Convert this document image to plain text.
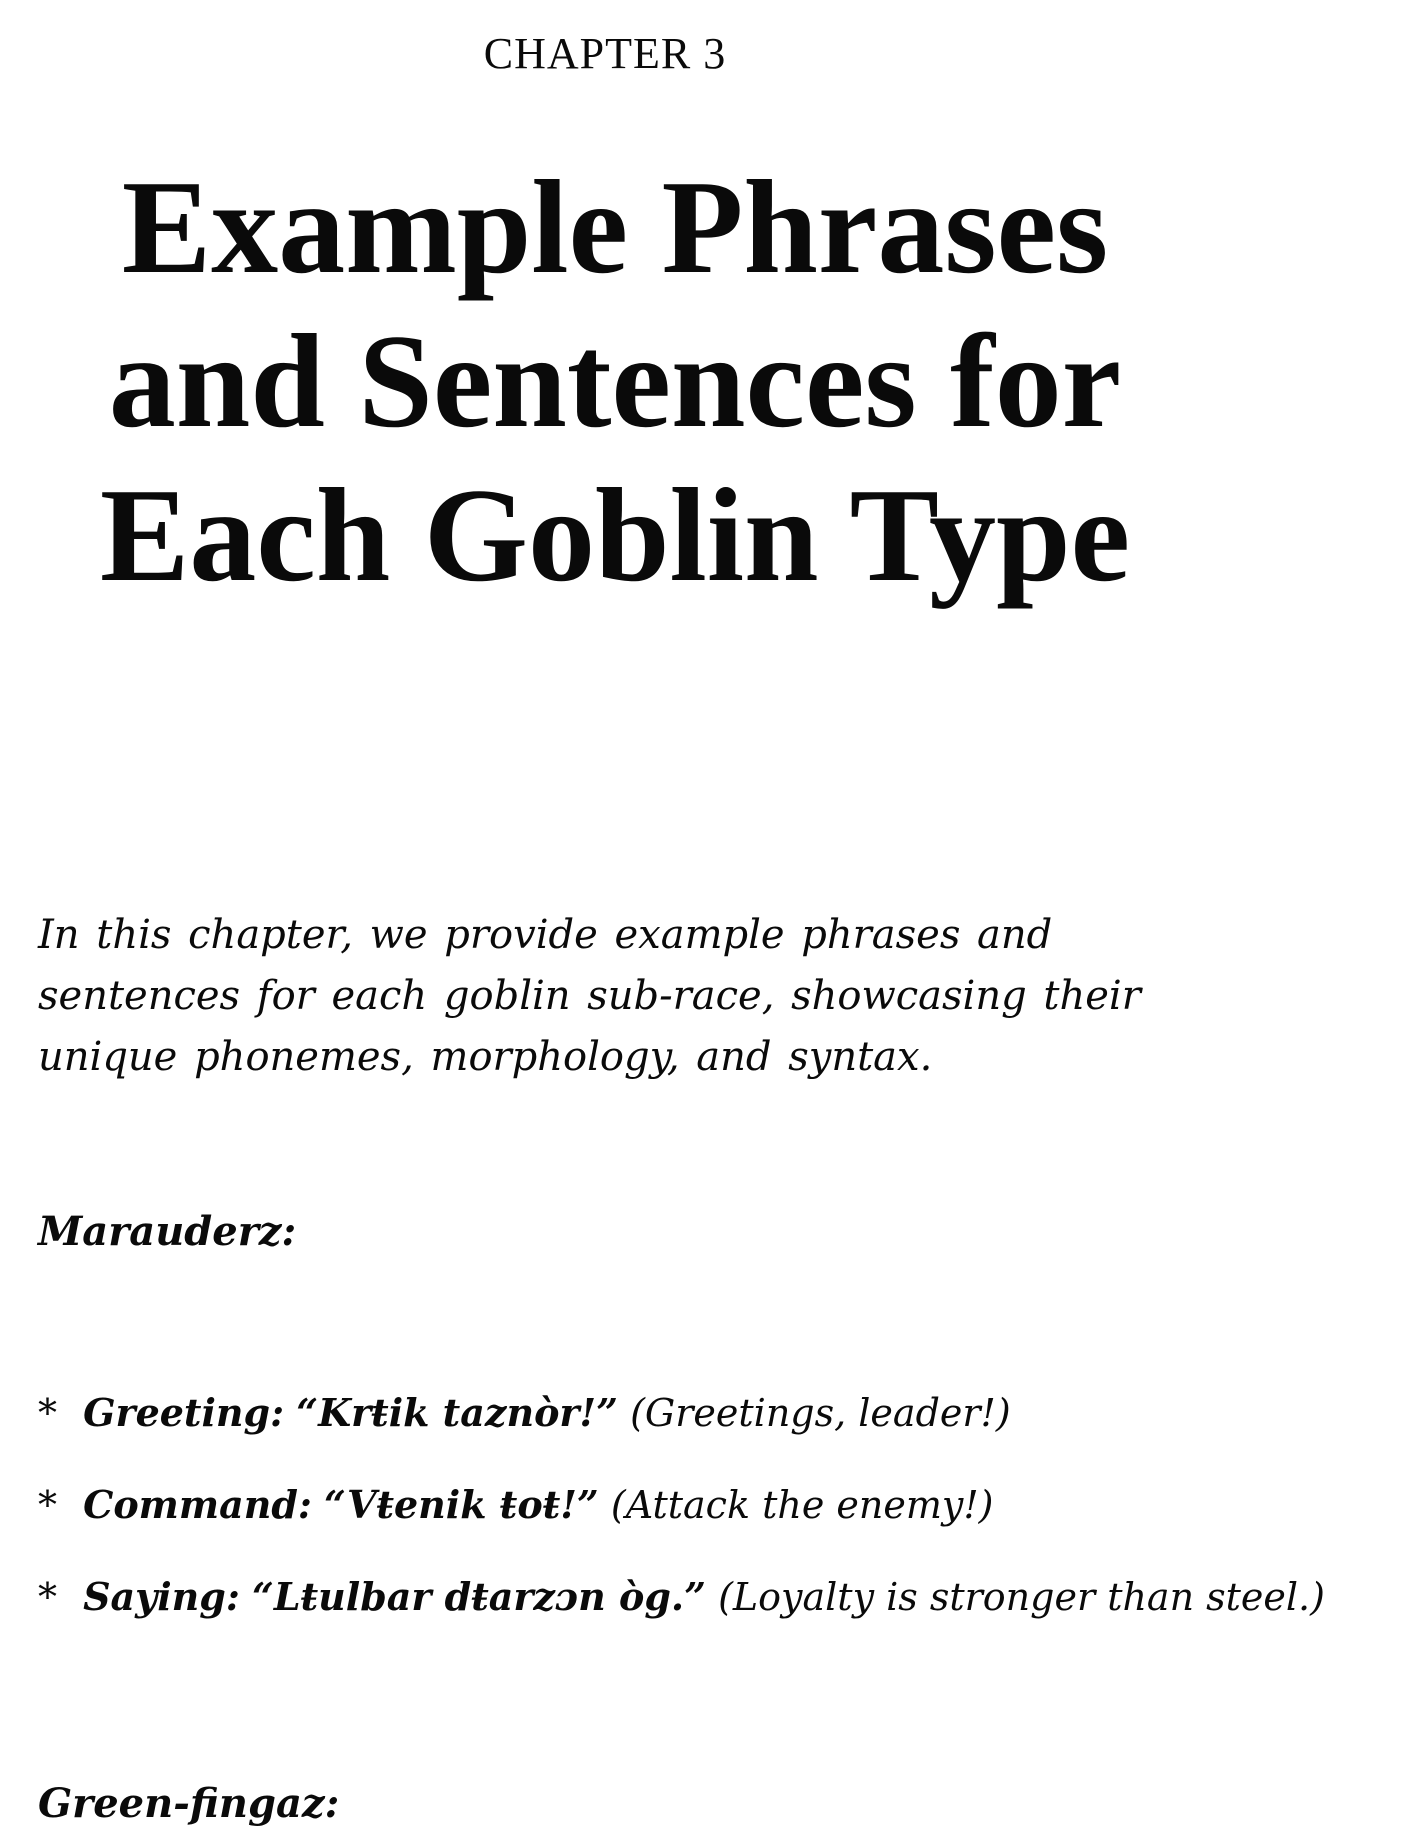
CHAPTER 3
Example Phrases
and Sentences for
Each Goblin Type

In this chapter, we provide example phrases and sentences for each goblin sub-race, showcasing their unique phonemes, morphology, and syntax.

Marauderz:
* Greeting: “Krŧik taznòr!” (Greetings, leader!)
* Command: “Vŧenik ŧoŧ!” (Attack the enemy!)
* Saying: “Lŧulbar dŧarzɔn òg.” (Loyalty is stronger than steel.)
Green-fingaz:
